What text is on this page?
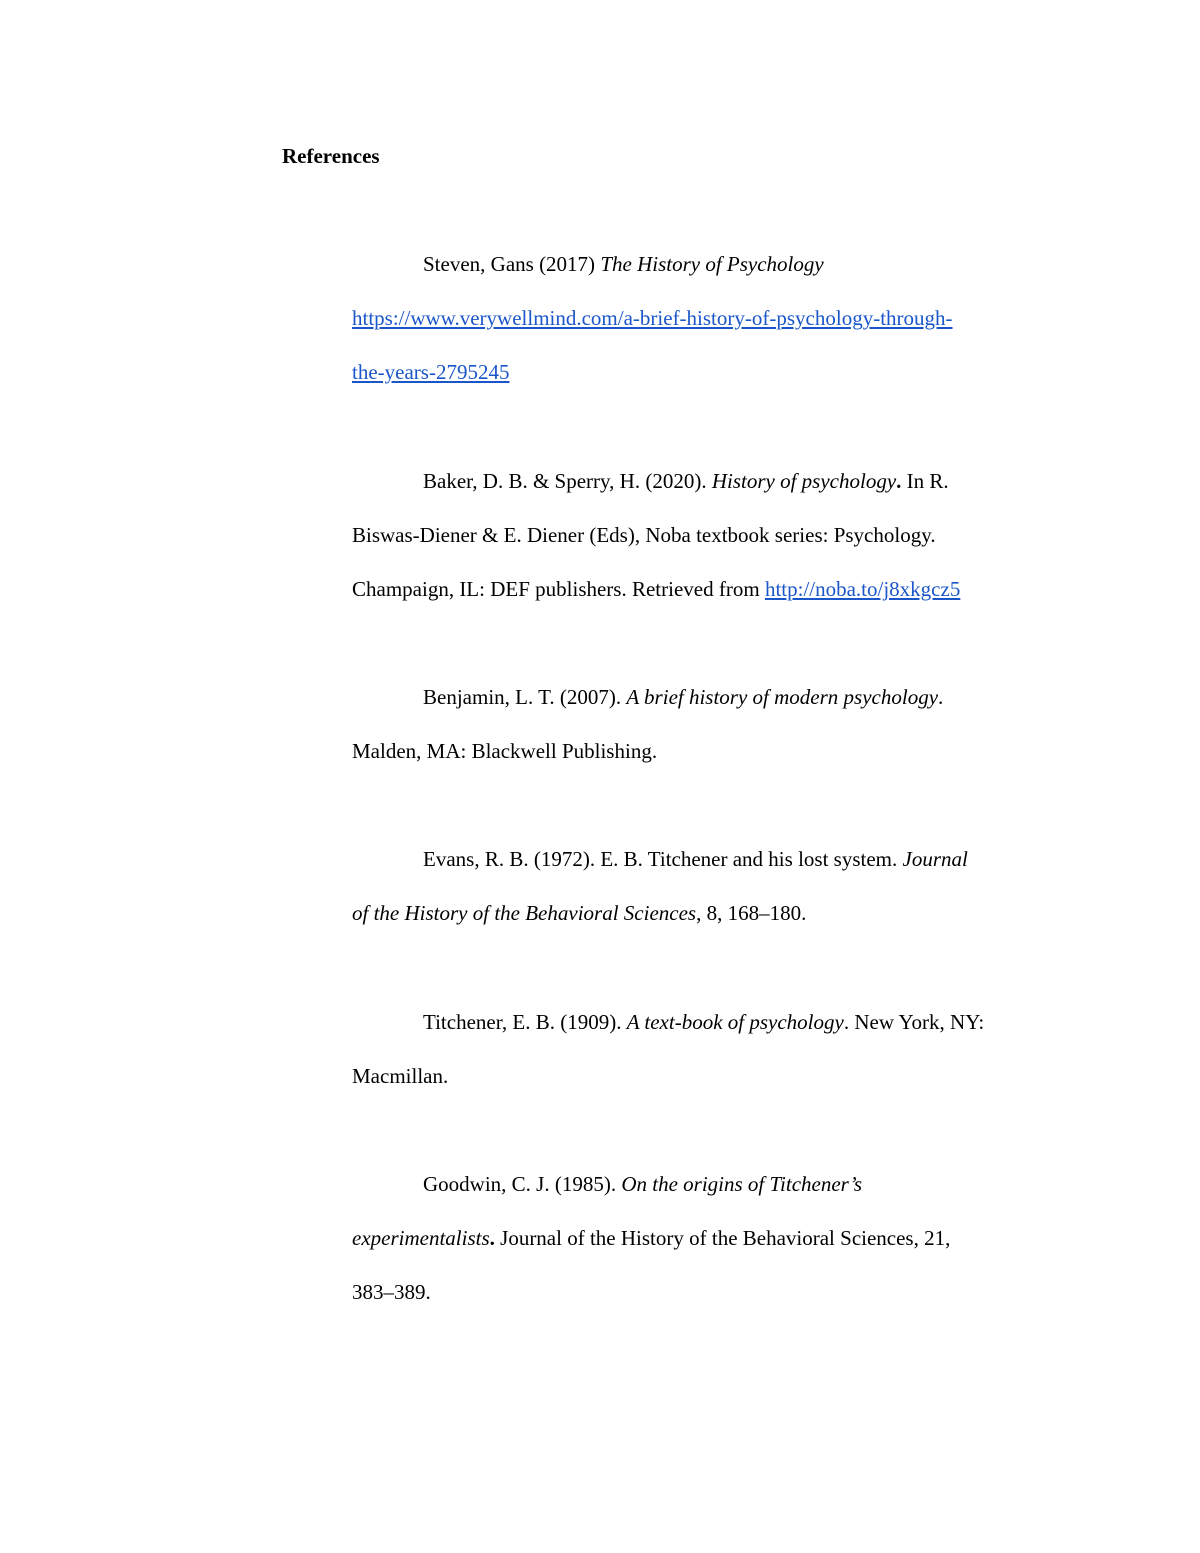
References
Steven, Gans (2017) The History of Psychology
https://www.verywellmind.com/a-brief-history-of-psychology-through-
the-years-2795245
Baker, D. B. & Sperry, H. (2020). History of psychology. In R.
Biswas-Diener & E. Diener (Eds), Noba textbook series: Psychology.
Champaign, IL: DEF publishers. Retrieved from http://noba.to/j8xkgcz5
Benjamin, L. T. (2007). A brief history of modern psychology.
Malden, MA: Blackwell Publishing.
Evans, R. B. (1972). E. B. Titchener and his lost system. Journal
of the History of the Behavioral Sciences, 8, 168–180.
Titchener, E. B. (1909). A text-book of psychology. New York, NY:
Macmillan.
Goodwin, C. J. (1985). On the origins of Titchener’s
experimentalists. Journal of the History of the Behavioral Sciences, 21,
383–389.
